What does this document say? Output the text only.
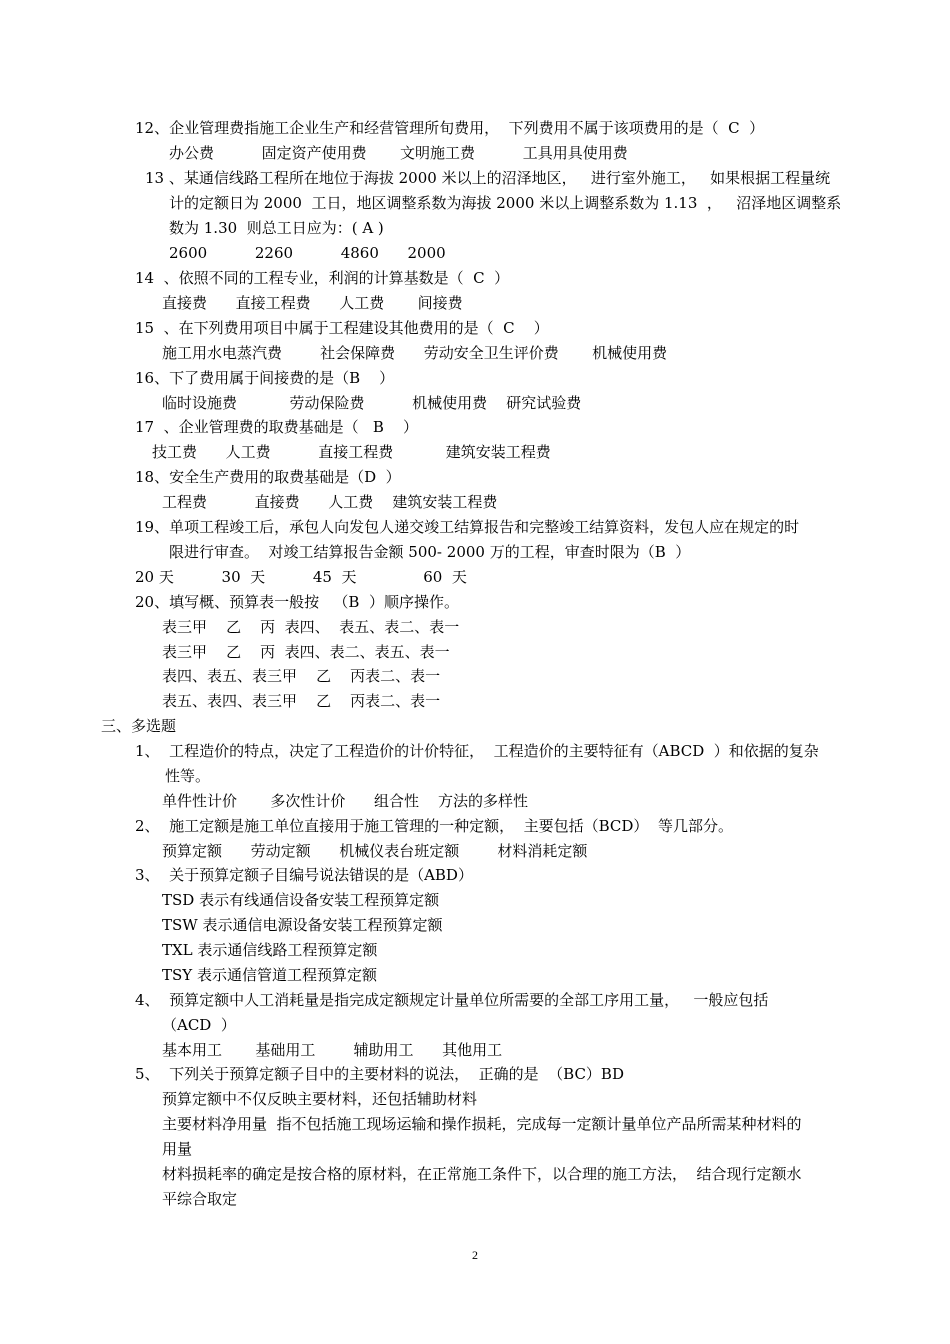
12、企业管理费指施工企业生产和经营管理所旬费用，  下列费用不属于该项费用的是（  C  ）
办公费          固定资产使用费       文明施工费          工具用具使用费
13 、某通信线路工程所在地位于海拔 2000 米以上的沼泽地区，   进行室外施工，   如果根据工程量统
计的定额日为 2000  工日，地区调整系数为海拔 2000 米以上调整系数为 1.13  ，   沼泽地区调整系
数为 1.30  则总工日应为：( A )
2600          2260          4860      2000
14  、依照不同的工程专业，利润的计算基数是（  C  ）
直接费      直接工程费      人工费       间接费
15  、在下列费用项目中属于工程建设其他费用的是（  C    ）
施工用水电蒸汽费        社会保障费      劳动安全卫生评价费       机械使用费
16、下了费用属于间接费的是（B    ）
临时设施费           劳动保险费          机械使用费    研究试验费
17  、企业管理费的取费基础是（   B    ）
技工费      人工费          直接工程费           建筑安装工程费
18、安全生产费用的取费基础是（D  ）
工程费          直接费      人工费    建筑安装工程费
19、单项工程竣工后，承包人向发包人递交竣工结算报告和完整竣工结算资料，发包人应在规定的时
限进行审查。  对竣工结算报告金额 500- 2000 万的工程，审查时限为（B  ）
20 天          30  天          45  天              60  天
20、填写概、预算表一般按   （B  ）顺序操作。
表三甲    乙    丙  表四、  表五、表二、表一
表三甲    乙    丙  表四、表二、表五、表一
表四、表五、表三甲    乙    丙表二、表一
表五、表四、表三甲    乙    丙表二、表一
三、多选题
1、  工程造价的特点，决定了工程造价的计价特征，  工程造价的主要特征有（ABCD  ）和依据的复杂
性等。
单件性计价       多次性计价      组合性    方法的多样性
2、  施工定额是施工单位直接用于施工管理的一种定额，  主要包括（BCD）  等几部分。
预算定额      劳动定额      机械仪表台班定额        材料消耗定额
3、  关于预算定额子目编号说法错误的是（ABD）
TSD 表示有线通信设备安装工程预算定额
TSW 表示通信电源设备安装工程预算定额
TXL 表示通信线路工程预算定额
TSY 表示通信管道工程预算定额
4、  预算定额中人工消耗量是指完成定额规定计量单位所需要的全部工序用工量，   一般应包括
（ACD  ）
基本用工       基础用工        辅助用工      其他用工
5、  下列关于预算定额子目中的主要材料的说法，  正确的是  （BC）BD
预算定额中不仅反映主要材料，还包括辅助材料
主要材料净用量  指不包括施工现场运输和操作损耗，完成每一定额计量单位产品所需某种材料的
用量
材料损耗率的确定是按合格的原材料，在正常施工条件下，以合理的施工方法，  结合现行定额水
平综合取定
2
